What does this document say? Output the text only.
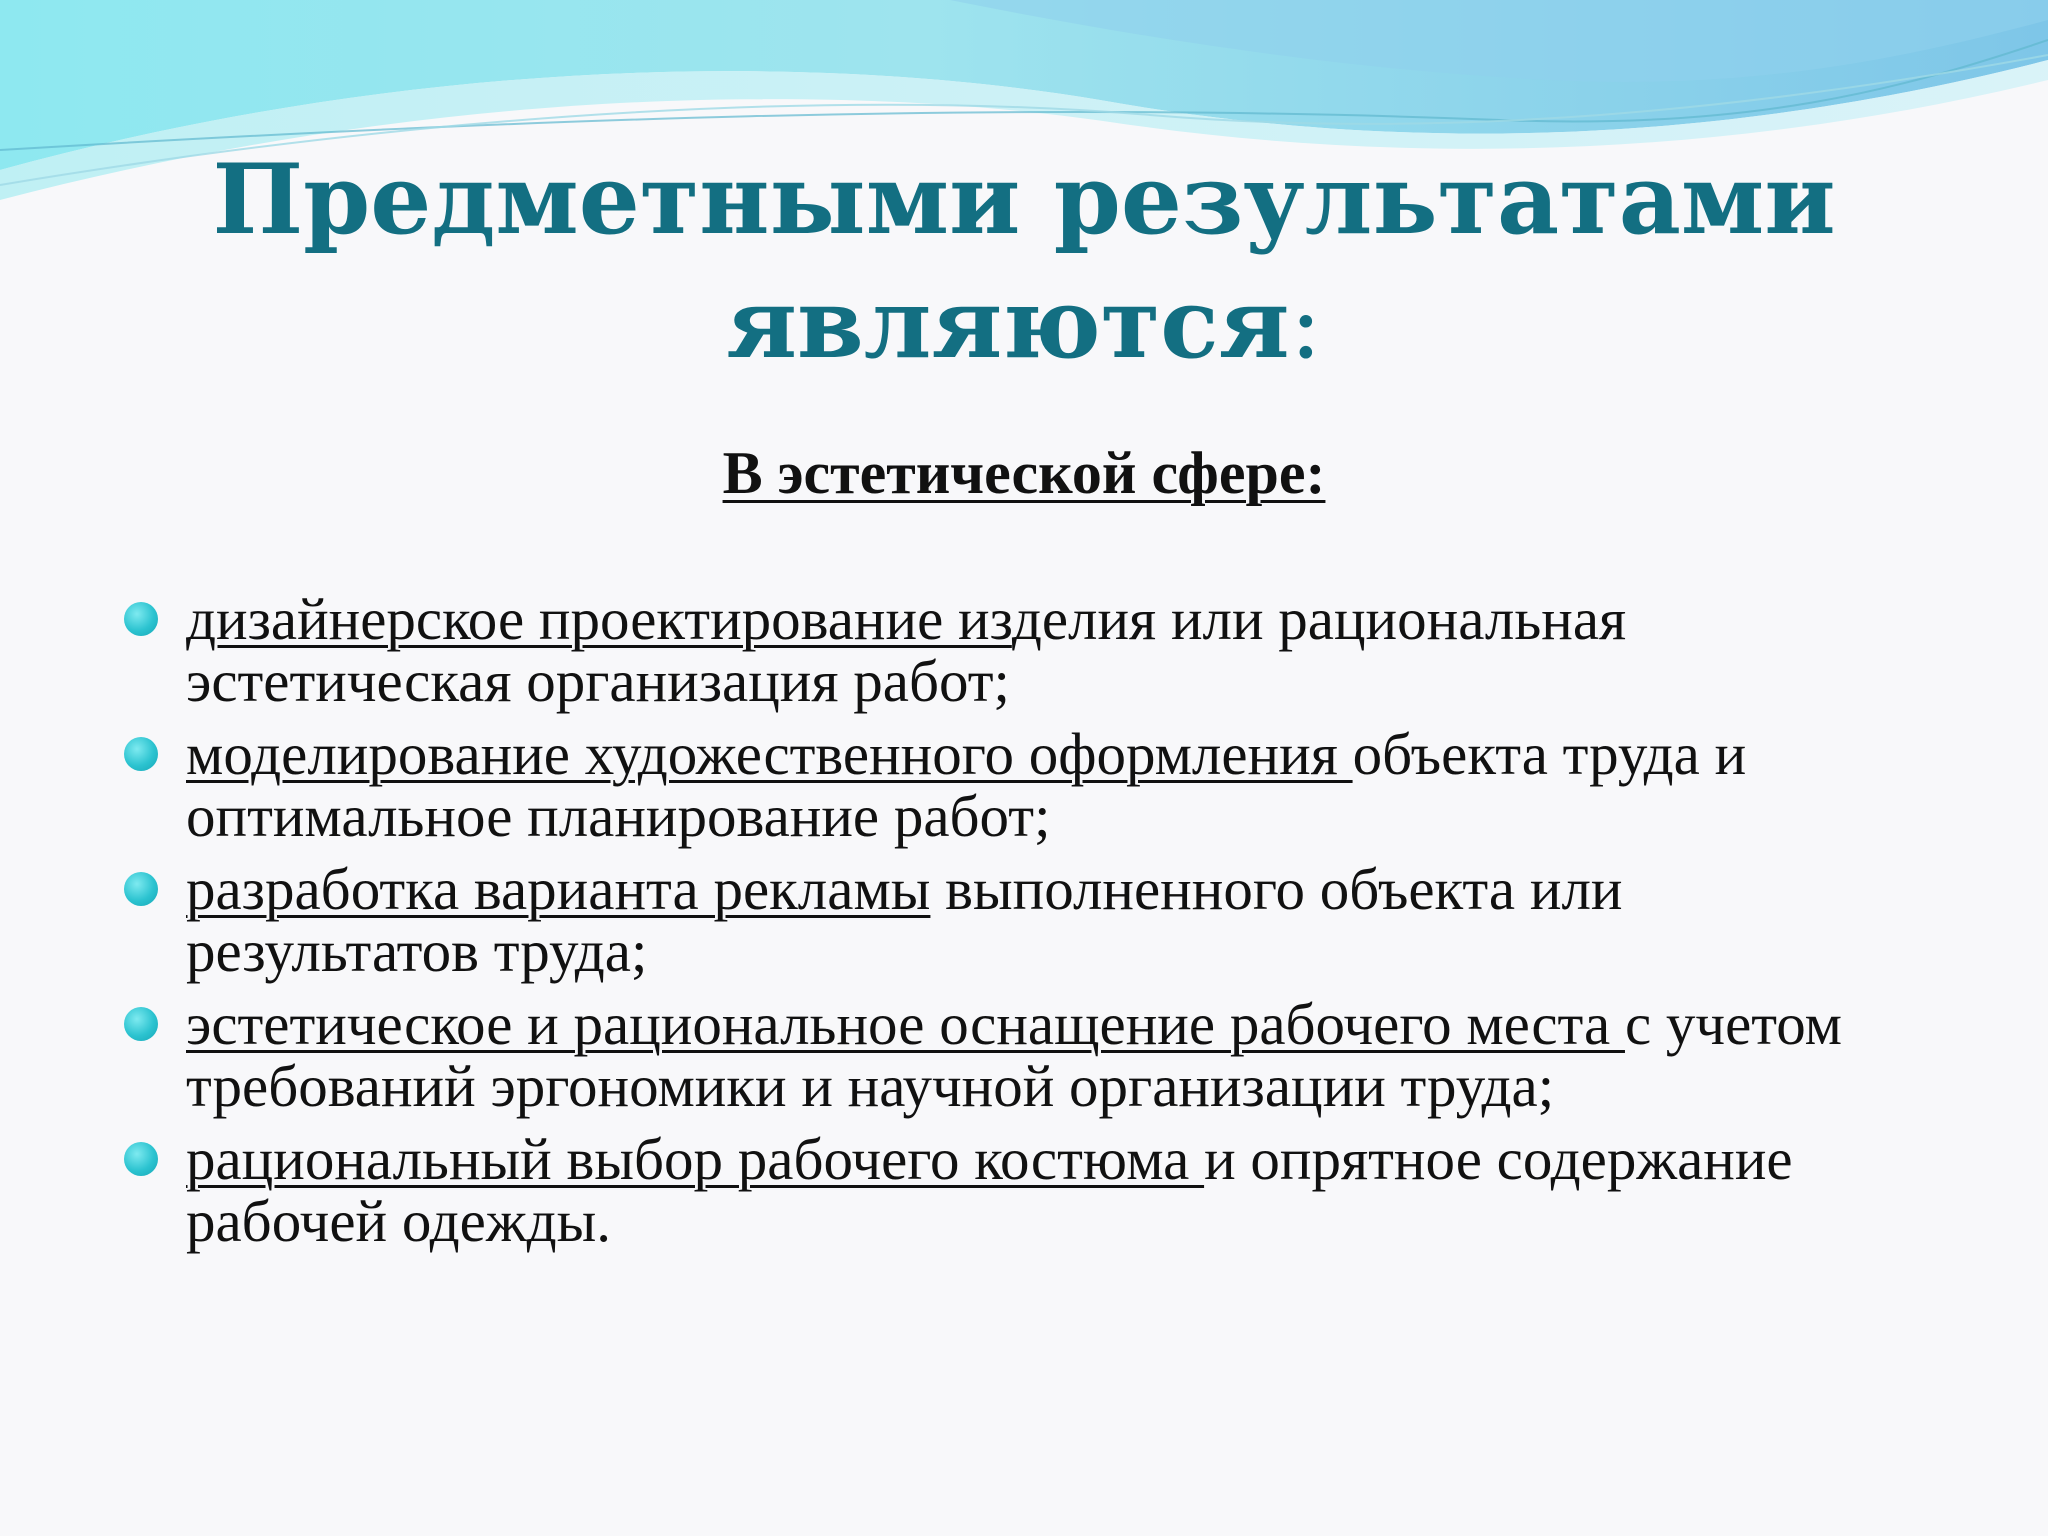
Предметными результатами
являются:
В эстетической сфере:
дизайнерское проектирование изделия или рациональная эстетическая организация работ;
моделирование художественного оформления объекта труда и оптимальное планирование работ;
разработка варианта рекламы выполненного объекта или результатов труда;
эстетическое и рациональное оснащение рабочего места с учетом требований эргономики и научной организации труда;
рациональный выбор рабочего костюма и опрятное содержание рабочей одежды.
